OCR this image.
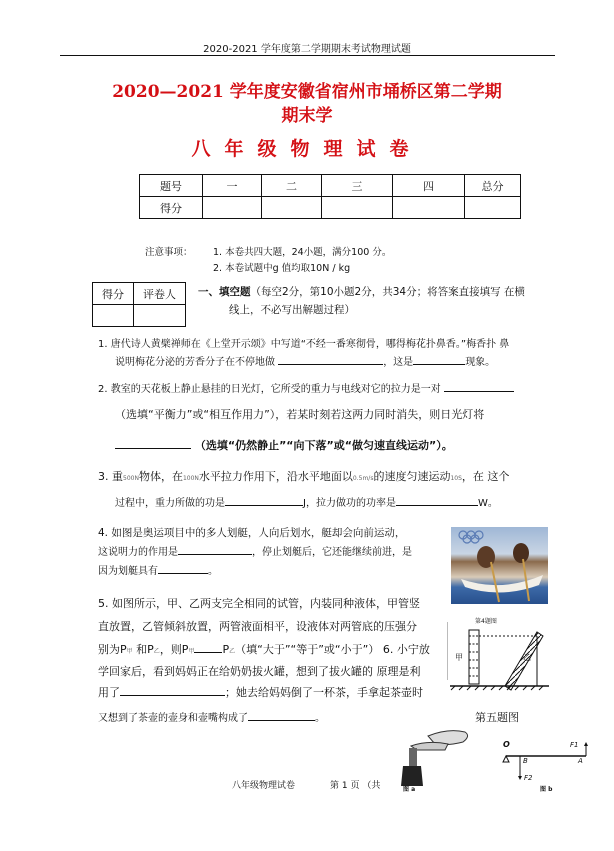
2020-2021 学年度第二学期期末考试物理试题
2020—2021 学年度安徽省宿州市埇桥区第二学期
期末学
八年级物理试卷
题号	一	二	三	四	总分
得分					
注意事项： 1. 本卷共四大题，24小题，满分100 分。
2. 本卷试题中g 值均取10N / kg
得分	评卷人
	一、填空题（每空2分，第10小题2分，共34分；将答案直接填写 在横
线上，不必写出解题过程）
1. 唐代诗人黄檗禅师在《上堂开示颂》中写道“不经一番寒彻骨，哪得梅花扑鼻香。”梅香扑 鼻
说明梅花分泌的芳香分子在不停地做	，这是	现象。
2. 教室的天花板上静止悬挂的日光灯，它所受的重力与电线对它的拉力是一对
（选填“平衡力”或“相互作用力”），若某时刻若这两力同时消失，则日光灯将
（选填“仍然静止”“向下落”或“做匀速直线运动”）。
3. 重500N物体，在100N水平拉力作用下，沿水平地面以0.5m/s的速度匀速运动10S，在 这个
过程中，重力所做的功是	J，拉力做功的功率是	W。
4. 如图是奥运项目中的多人划艇，人向后划水，艇却会向前运动，
这说明力的作用是	，停止划艇后，它还能继续前进，是
因为划艇具有	。
5. 如图所示，甲、乙两支完全相同的试管，内装同种液体，甲管竖
直放置，乙管倾斜放置，两管液面相平，设液体对两管底的压强分
别为P甲 和P乙，则P甲	P乙（填“大于”“等于”或“小于”） 6. 小宁放
学回家后，看到妈妈正在给奶奶拔火罐，想到了拔火罐的 原理是利
用了	；她去给妈妈倒了一杯茶，手拿起茶壶时
又想到了茶壶的壶身和壶嘴构成了	。
第4题图
甲	乙
第五题图
八年级物理试卷	第 1 页 （共	图 a
O
B	A
F1
F2
图 b
